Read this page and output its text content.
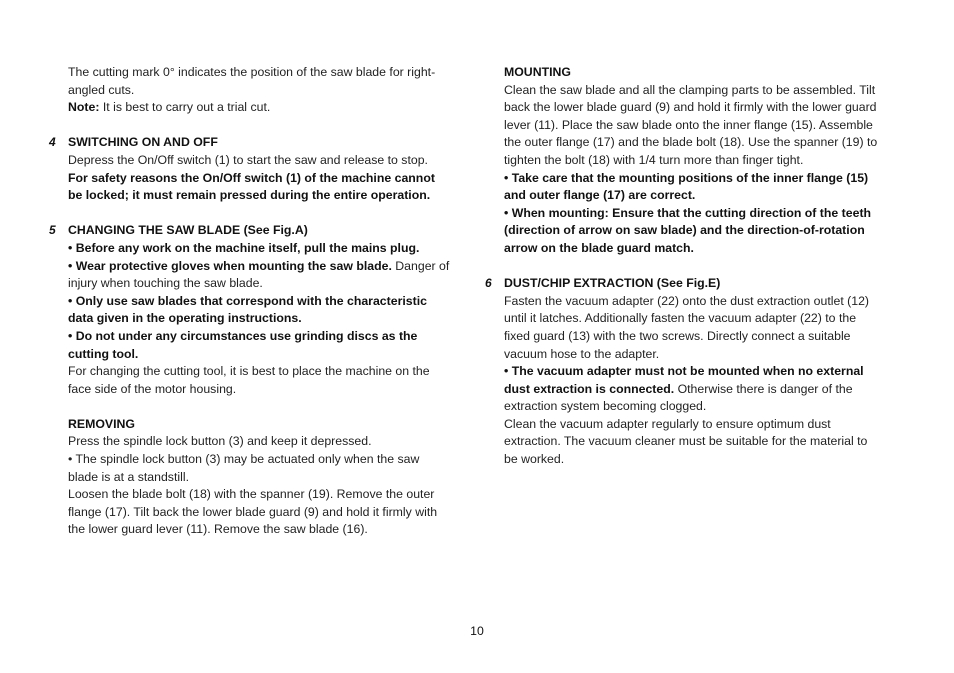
The cutting mark 0° indicates the position of the saw blade for right-angled cuts.

Note: It is best to carry out a trial cut.

4 SWITCHING ON AND OFF

Depress the On/Off switch (1) to start the saw and release to stop.

For safety reasons the On/Off switch (1) of the machine cannot be locked; it must remain pressed during the entire operation.

5 CHANGING THE SAW BLADE (See Fig.A)

• Before any work on the machine itself, pull the mains plug.

• Wear protective gloves when mounting the saw blade. Danger of injury when touching the saw blade.

• Only use saw blades that correspond with the characteristic data given in the operating instructions.

• Do not under any circumstances use grinding discs as the cutting tool.

For changing the cutting tool, it is best to place the machine on the face side of the motor housing.

REMOVING

Press the spindle lock button (3) and keep it depressed.

• The spindle lock button (3) may be actuated only when the saw blade is at a standstill.

Loosen the blade bolt (18) with the spanner (19). Remove the outer flange (17). Tilt back the lower blade guard (9) and hold it firmly with the lower guard lever (11). Remove the saw blade (16).

MOUNTING

Clean the saw blade and all the clamping parts to be assembled. Tilt back the lower blade guard (9) and hold it firmly with the lower guard lever (11). Place the saw blade onto the inner flange (15). Assemble the outer flange (17) and the blade bolt (18). Use the spanner (19) to tighten the bolt (18) with 1/4 turn more than finger tight.

• Take care that the mounting positions of the inner flange (15) and outer flange (17) are correct.

• When mounting: Ensure that the cutting direction of the teeth (direction of arrow on saw blade) and the direction-of-rotation arrow on the blade guard match.

6 DUST/CHIP EXTRACTION (See Fig.E)

Fasten the vacuum adapter (22) onto the dust extraction outlet (12) until it latches. Additionally fasten the vacuum adapter (22) to the fixed guard (13) with the two screws. Directly connect a suitable vacuum hose to the adapter.

• The vacuum adapter must not be mounted when no external dust extraction is connected. Otherwise there is danger of the extraction system becoming clogged.

Clean the vacuum adapter regularly to ensure optimum dust extraction. The vacuum cleaner must be suitable for the material to be worked.

10
